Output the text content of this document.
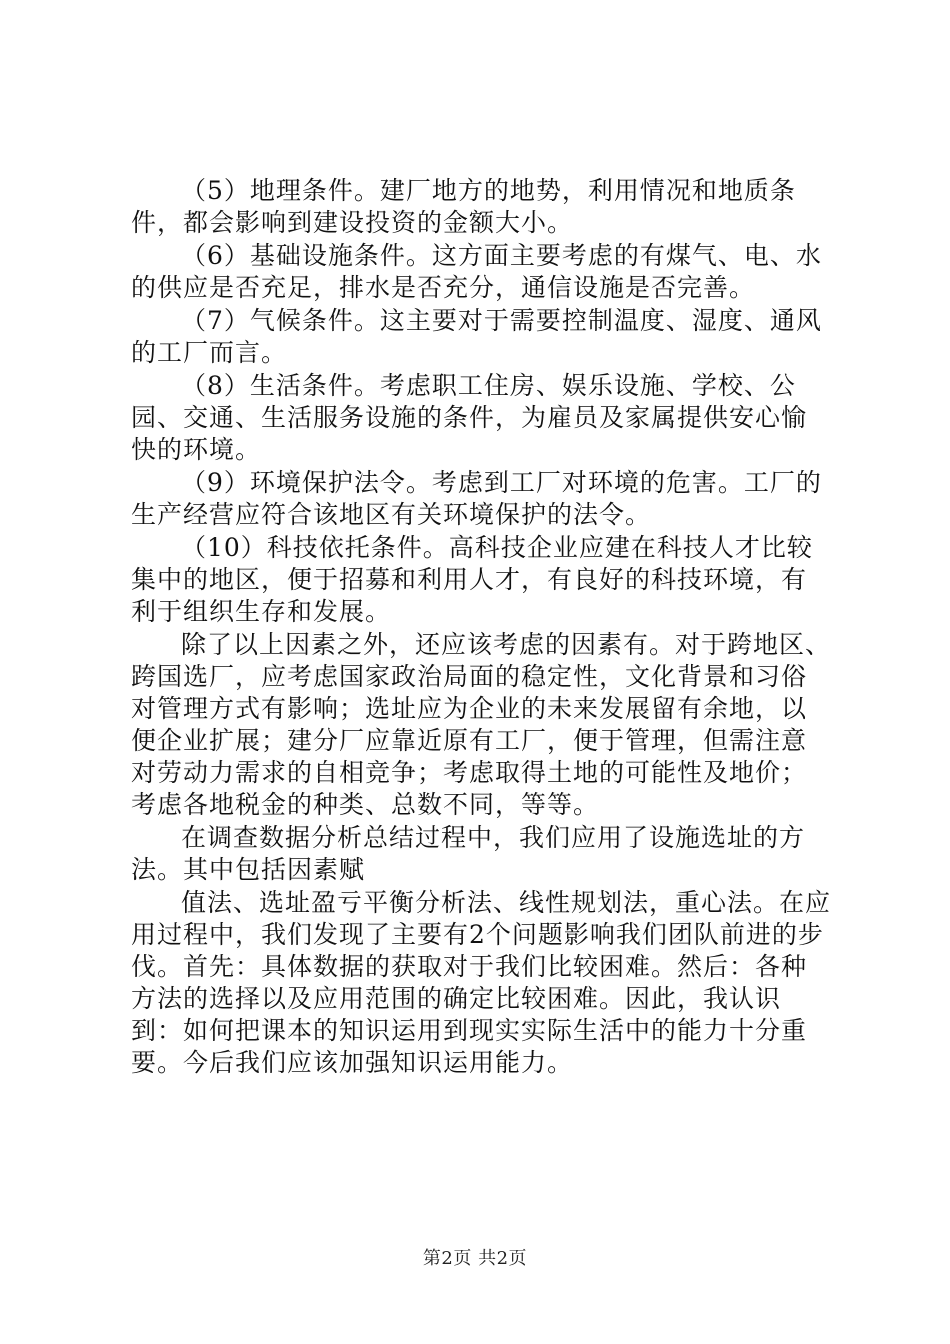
（5）地理条件。建厂地方的地势，利用情况和地质条件，都会影响到建设投资的金额大小。

（6）基础设施条件。这方面主要考虑的有煤气、电、水的供应是否充足，排水是否充分，通信设施是否完善。

（7）气候条件。这主要对于需要控制温度、湿度、通风的工厂而言。

（8）生活条件。考虑职工住房、娱乐设施、学校、公园、交通、生活服务设施的条件，为雇员及家属提供安心愉快的环境。

（9）环境保护法令。考虑到工厂对环境的危害。工厂的生产经营应符合该地区有关环境保护的法令。

（10）科技依托条件。高科技企业应建在科技人才比较集中的地区，便于招募和利用人才，有良好的科技环境，有利于组织生存和发展。

除了以上因素之外，还应该考虑的因素有。对于跨地区、跨国选厂，应考虑国家政治局面的稳定性，文化背景和习俗对管理方式有影响；选址应为企业的未来发展留有余地，以便企业扩展；建分厂应靠近原有工厂，便于管理，但需注意对劳动力需求的自相竞争；考虑取得土地的可能性及地价；考虑各地税金的种类、总数不同，等等。

在调查数据分析总结过程中，我们应用了设施选址的方法。其中包括因素赋

值法、选址盈亏平衡分析法、线性规划法，重心法。在应用过程中，我们发现了主要有2个问题影响我们团队前进的步伐。首先：具体数据的获取对于我们比较困难。然后：各种方法的选择以及应用范围的确定比较困难。因此，我认识到：如何把课本的知识运用到现实实际生活中的能力十分重要。今后我们应该加强知识运用能力。

第2页 共2页
